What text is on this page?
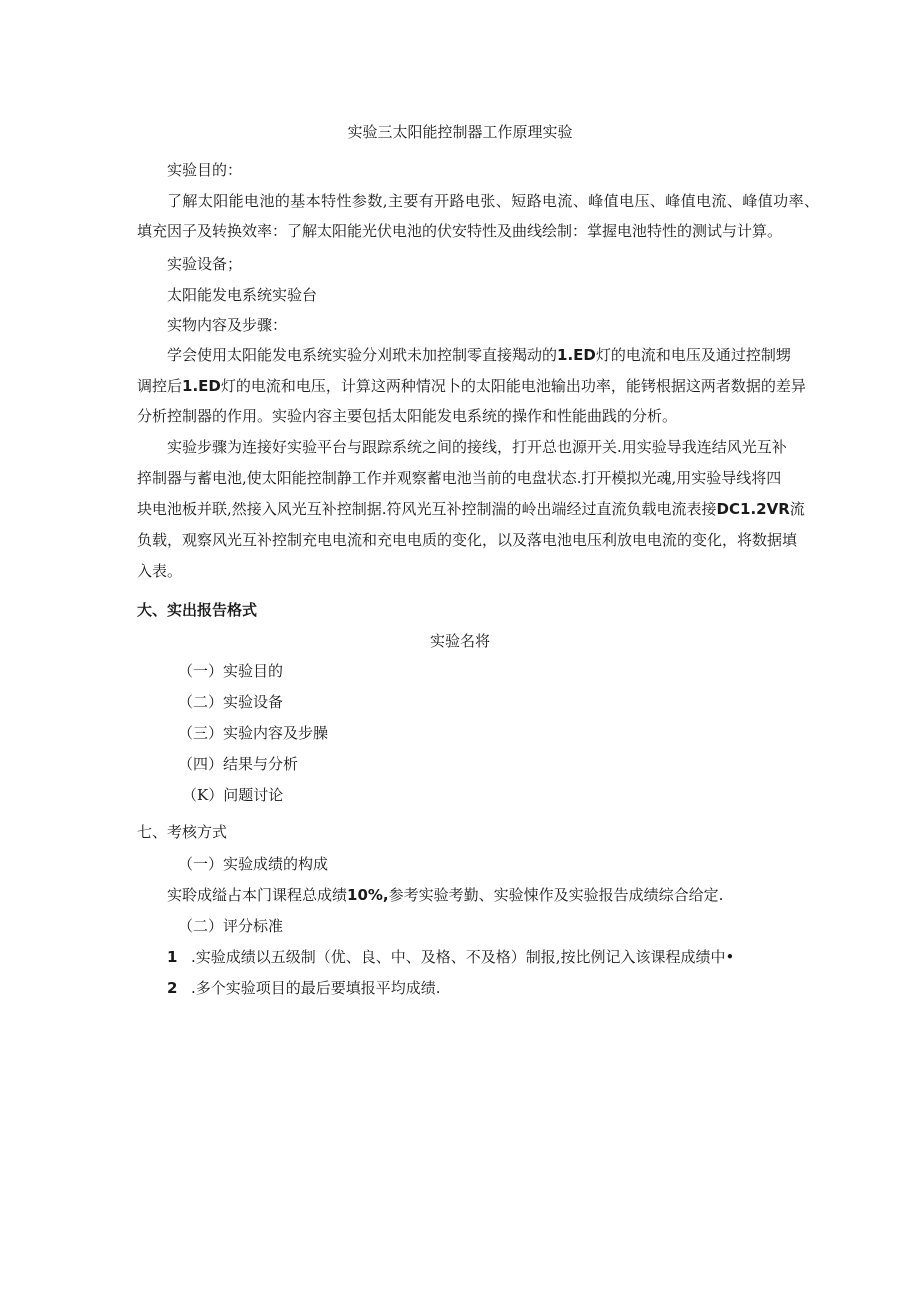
实验三太阳能控制器工作原理实验
实验目的：
了解太阳能电池的基本特性参数,主要有开路电张、短路电流、峰值电压、峰值电流、峰值功率、
填充因子及转换效率：了解太阳能光伏电池的伏安特性及曲线绘制：掌握电池特性的测试与计算。
实验设备；
太阳能发电系统实验台
实物内容及步骤：
学会使用太阳能发电系统实验分刈玳未加控制零直接羯动的1.ED灯的电流和电压及通过控制甥
调控后1.ED灯的电流和电压，计算这两种情况卜的太阳能电池输出功率，能铐根据这两者数据的差异
分析控制器的作用。实验内容主要包括太阳能发电系统的操作和性能曲践的分析。
实验步骤为连接好实验平台与跟踪系统之间的接线，打开总也源开关.用实验导我连结风光互补
捽制器与蓄电池,使太阳能控制静工作并观察蓄电池当前的电盘状态.打开模拟光魂,用实验导线将四
块电池板并联,然接入风光互补控制据.符风光互补控制湍的岭出端经过直流负载电流表接DC1.2VR流
负载，观察风光互补控制充电电流和充电电质的变化，以及落电池电压利放电电流的变化，将数据填
入表。
大、实出报告格式
实验名将
（一）实验目的
（二）实验设备
（三）实验内容及步臊
（四）结果与分析
（K）问题讨论
七、考核方式
（一）实验成绩的构成
实聆成缢占本门课程总成绩10%,参考实验考勤、实验悚作及实验报告成绩综合给定.
（二）评分标准
1 .实验成绩以五级制（优、良、中、及格、不及格）制报,按比例记入该课程成绩中•
2 .多个实验项目的最后要填报平均成绩.
